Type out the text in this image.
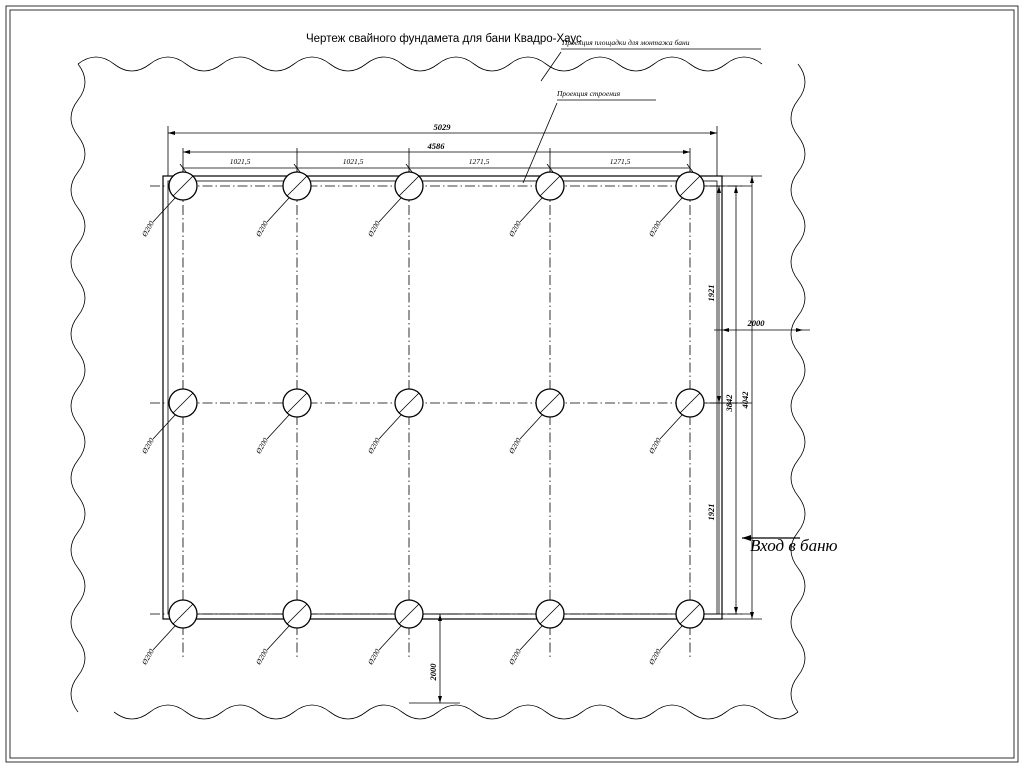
Чертеж свайного фундамета для бани Квадро-Хаус
Проекция площадки для монтажа бани
Проекция строения
5029
4586
1021,5	1021,5	1271,5	1271,5
1921
1921
3842 4042
2000
2000
Вход в баню
Ø200	Ø200	Ø200	Ø200	Ø200
Ø200	Ø200	Ø200	Ø200	Ø200
Ø200	Ø200	Ø200	Ø200	Ø200
